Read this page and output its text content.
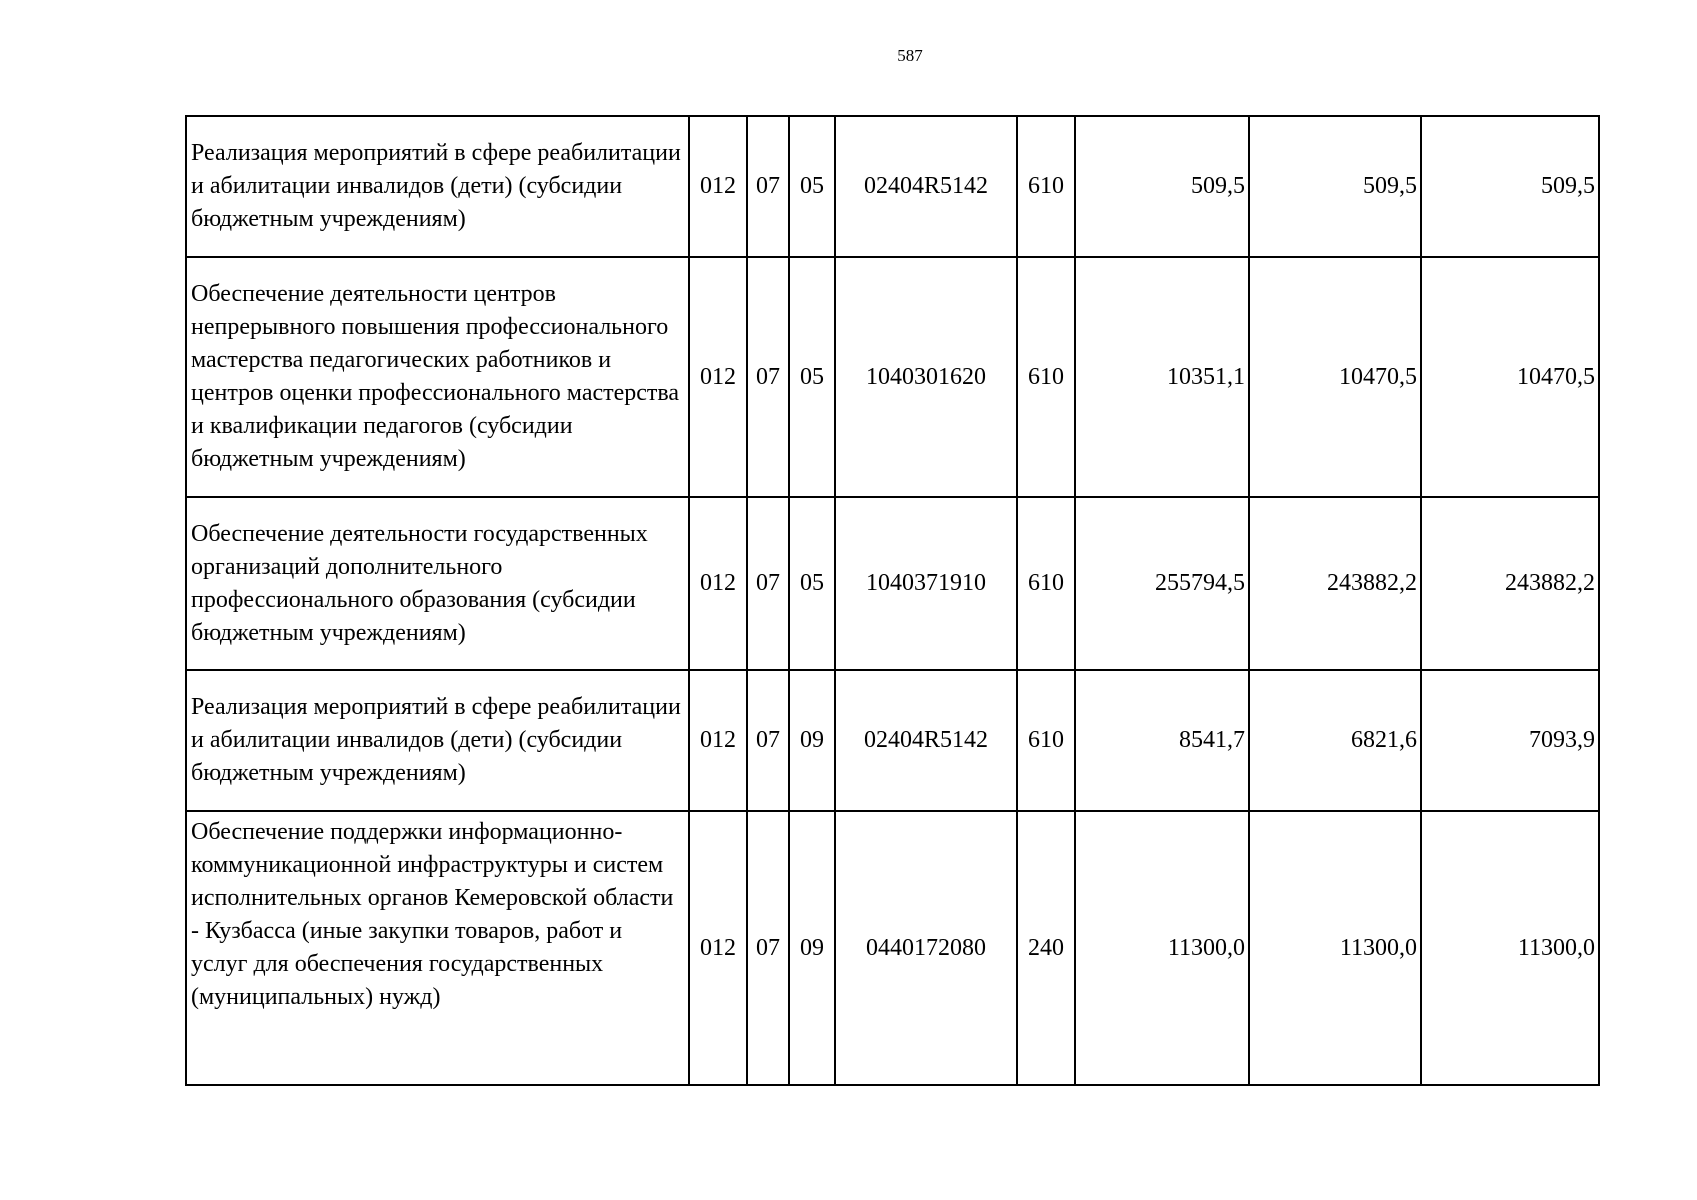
587
Реализация мероприятий в сфере реабилитации и абилитации инвалидов (дети) (субсидии бюджетным учреждениям)	012	07	05	02404R5142	610	509,5	509,5	509,5
Обеспечение деятельности центров непрерывного повышения профессионального мастерства педагогических работников и центров оценки профессионального мастерства и квалификации педагогов (субсидии бюджетным учреждениям)	012	07	05	1040301620	610	10351,1	10470,5	10470,5
Обеспечение деятельности государственных организаций дополнительного профессионального образования (субсидии бюджетным учреждениям)	012	07	05	1040371910	610	255794,5	243882,2	243882,2
Реализация мероприятий в сфере реабилитации и абилитации инвалидов (дети) (субсидии бюджетным учреждениям)	012	07	09	02404R5142	610	8541,7	6821,6	7093,9
Обеспечение поддержки информационно-коммуникационной инфраструктуры и систем исполнительных органов Кемеровской области - Кузбасса (иные закупки товаров, работ и услуг для обеспечения государственных (муниципальных) нужд)	012	07	09	0440172080	240	11300,0	11300,0	11300,0
